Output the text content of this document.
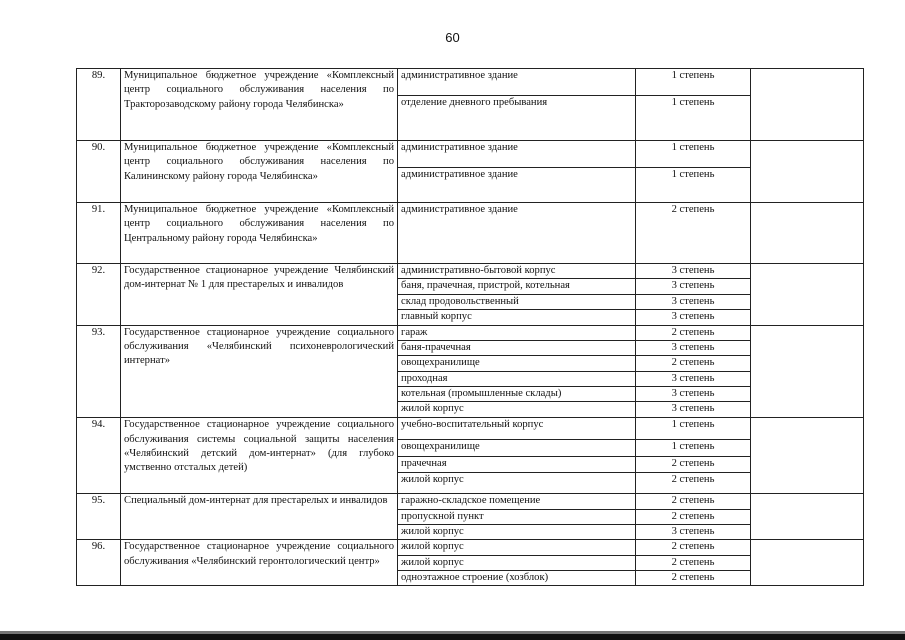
60
89.	Муниципальное бюджетное учреждение «Комплексный центр социального обслуживания населения по Тракторозаводскому району города Челябинска»	административное здание	1 степень	
		отделение дневного пребывания	1 степень	
90.	Муниципальное бюджетное учреждение «Комплексный центр социального обслуживания населения по Калининскому району города Челябинска»	административное здание	1 степень	
		административное здание	1 степень	
91.	Муниципальное бюджетное учреждение «Комплексный центр социального обслуживания населения по Центральному району города Челябинска»	административное здание	2 степень	
92.	Государственное стационарное учреждение Челябинский дом-интернат № 1 для престарелых и инвалидов	административно-бытовой корпус	3 степень	
		баня, прачечная, пристрой, котельная	3 степень	
		склад продовольственный	3 степень	
		главный корпус	3 степень	
93.	Государственное стационарное учреждение социального обслуживания «Челябинский психоневрологический интернат»	гараж	2 степень	
		баня-прачечная	3 степень	
		овощехранилище	2 степень	
		проходная	3 степень	
		котельная (промышленные склады)	3 степень	
		жилой корпус	3 степень	
94.	Государственное стационарное учреждение социального обслуживания системы социальной защиты населения «Челябинский детский дом-интернат» (для глубоко умственно отсталых детей)	учебно-воспитательный корпус	1 степень	
		овощехранилище	1 степень	
		прачечная	2 степень	
		жилой корпус	2 степень	
95.	Специальный дом-интернат для престарелых и инвалидов	гаражно-складское помещение	2 степень	
		пропускной пункт	2 степень	
		жилой корпус	3 степень	
96.	Государственное стационарное учреждение социального обслуживания «Челябинский геронтологический центр»	жилой корпус	2 степень	
		жилой корпус	2 степень	
		одноэтажное строение (хозблок)	2 степень	
